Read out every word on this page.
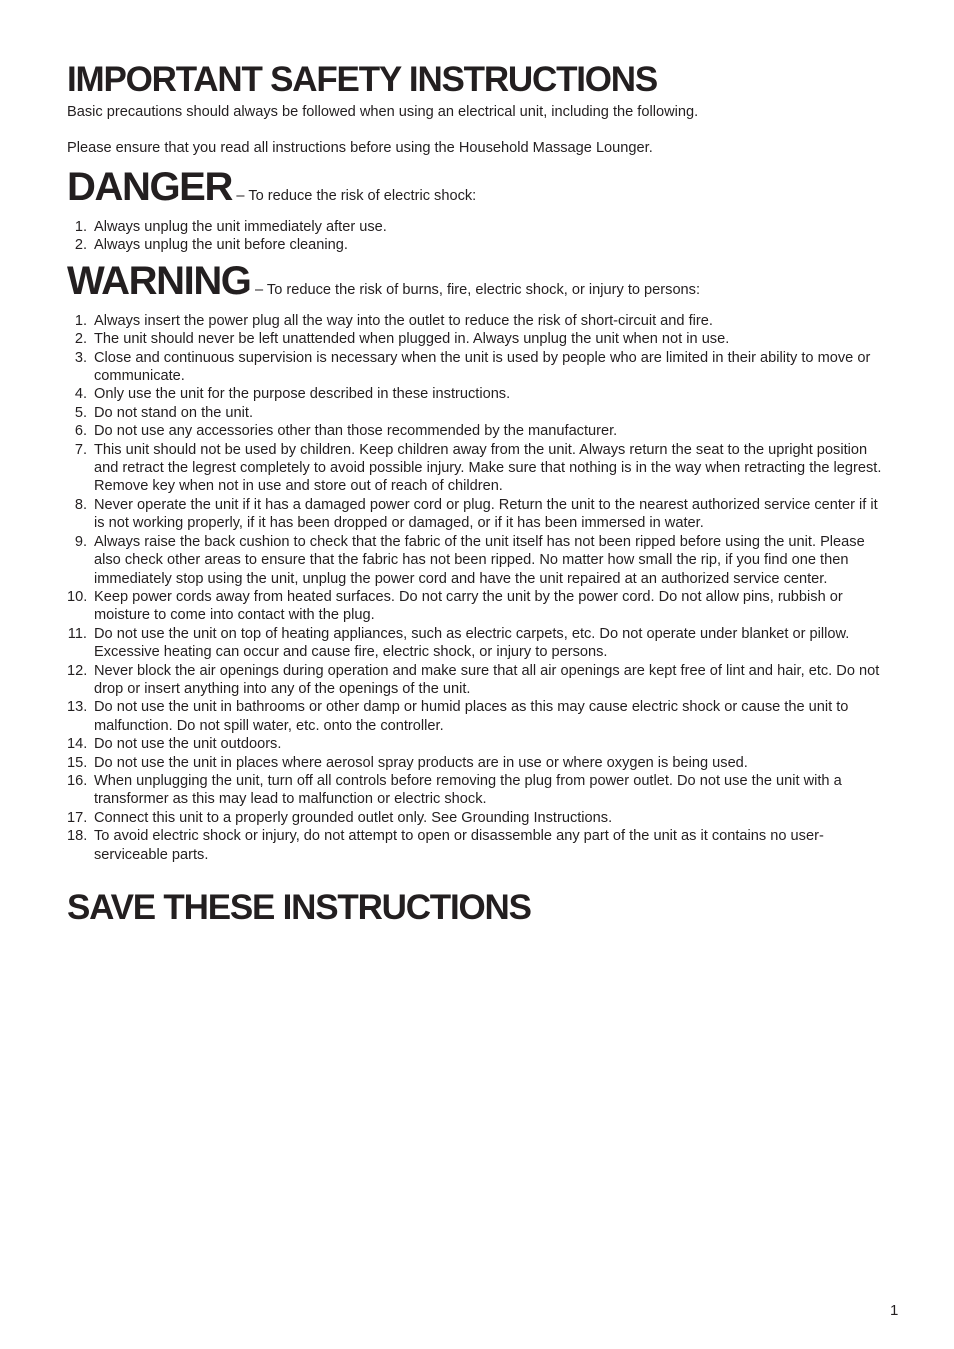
IMPORTANT SAFETY INSTRUCTIONS

Basic precautions should always be followed when using an electrical unit, including the following.

Please ensure that you read all instructions before using the Household Massage Lounger.

DANGER – To reduce the risk of electric shock:
1. Always unplug the unit immediately after use.
2. Always unplug the unit before cleaning.
WARNING – To reduce the risk of burns, fire, electric shock, or injury to persons:
1. Always insert the power plug all the way into the outlet to reduce the risk of short-circuit and fire.
2. The unit should never be left unattended when plugged in. Always unplug the unit when not in use.
3. Close and continuous supervision is necessary when the unit is used by people who are limited in their ability to move or communicate.
4. Only use the unit for the purpose described in these instructions.
5. Do not stand on the unit.
6. Do not use any accessories other than those recommended by the manufacturer.
7. This unit should not be used by children. Keep children away from the unit. Always return the seat to the upright position and retract the legrest completely to avoid possible injury. Make sure that nothing is in the way when retracting the legrest. Remove key when not in use and store out of reach of children.
8. Never operate the unit if it has a damaged power cord or plug. Return the unit to the nearest authorized service center if it is not working properly, if it has been dropped or damaged, or if it has been immersed in water.
9. Always raise the back cushion to check that the fabric of the unit itself has not been ripped before using the unit. Please also check other areas to ensure that the fabric has not been ripped. No matter how small the rip, if you find one then immediately stop using the unit, unplug the power cord and have the unit repaired at an authorized service center.
10. Keep power cords away from heated surfaces. Do not carry the unit by the power cord. Do not allow pins, rubbish or moisture to come into contact with the plug.
11. Do not use the unit on top of heating appliances, such as electric carpets, etc. Do not operate under blanket or pillow. Excessive heating can occur and cause fire, electric shock, or injury to persons.
12. Never block the air openings during operation and make sure that all air openings are kept free of lint and hair, etc. Do not drop or insert anything into any of the openings of the unit.
13. Do not use the unit in bathrooms or other damp or humid places as this may cause electric shock or cause the unit to malfunction. Do not spill water, etc. onto the controller.
14. Do not use the unit outdoors.
15. Do not use the unit in places where aerosol spray products are in use or where oxygen is being used.
16. When unplugging the unit, turn off all controls before removing the plug from power outlet. Do not use the unit with a transformer as this may lead to malfunction or electric shock.
17. Connect this unit to a properly grounded outlet only. See Grounding Instructions.
18. To avoid electric shock or injury, do not attempt to open or disassemble any part of the unit as it contains no user-serviceable parts.
SAVE THESE INSTRUCTIONS
1
